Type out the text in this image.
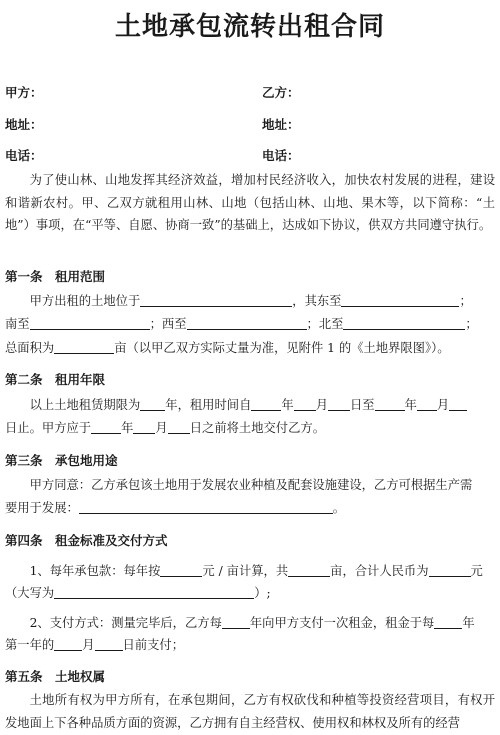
土地承包流转出租合同
甲方：	乙方：
地址：	地址：
电话：	电话：
为了使山林、山地发挥其经济效益，增加村民经济收入，加快农村发展的进程，建设和谐新农村。甲、乙双方就租用山林、山地（包括山林、山地、果木等，以下简称：“土地”）事项，在“平等、自愿、协商一致”的基础上，达成如下协议，供双方共同遵守执行。
第一条　租用范围
甲方出租的土地位于	，其东至	；
南至	；西至	；北至	；
总面积为	亩（以甲乙双方实际丈量为准，见附件 1 的《土地界限图》）。
第二条　租用年限
以上土地租赁期限为 年，租用时间自 年 月 日至 年 月
日止。甲方应于 年 月 日之前将土地交付乙方。
第三条　承包地用途
甲方同意：乙方承包该土地用于发展农业种植及配套设施建设，乙方可根据生产需
要用于发展：	。
第四条　租金标准及交付方式
1、每年承包款：每年按	元 / 亩计算，共	亩，合计人民币为	元
（大写为	）;
2、支付方式：测量完毕后，乙方每 年向甲方支付一次租金，租金于每 年
第一年的 月 日前支付；
第五条　土地权属
土地所有权为甲方所有，在承包期间，乙方有权砍伐和种植等投资经营项目，有权开发地面上下各种品质方面的资源，乙方拥有自主经营权、使用权和林权及所有的经营
